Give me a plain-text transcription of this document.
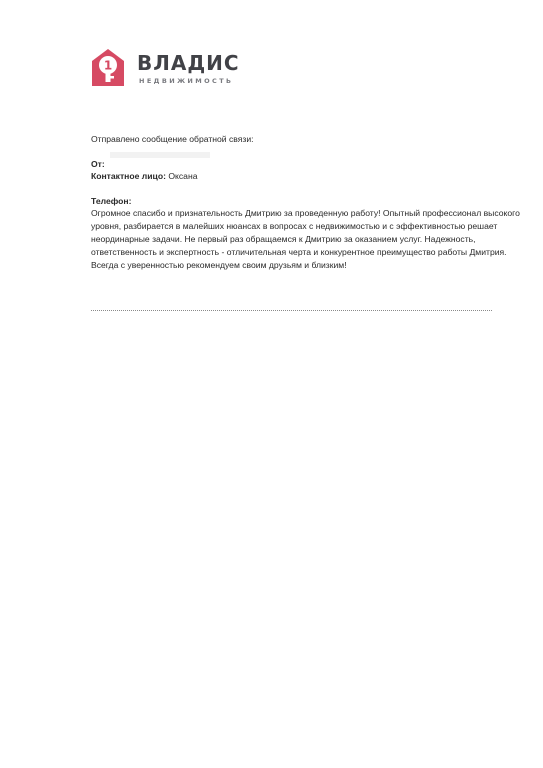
1 ВЛАДИС
НЕДВИЖИМОСТЬ
Отправлено сообщение обратной связи:
От:
Контактное лицо: Оксана
Телефон:
Огромное спасибо и признательность Дмитрию за проведенную работу! Опытный профессионал высокого
уровня, разбирается в малейших нюансах в вопросах с недвижимостью и с эффективностью решает
неординарные задачи. Не первый раз обращаемся к Дмитрию за оказанием услуг. Надежность,
ответственность и экспертность - отличительная черта и конкурентное преимущество работы Дмитрия.
Всегда с уверенностью рекомендуем своим друзьям и близким!
